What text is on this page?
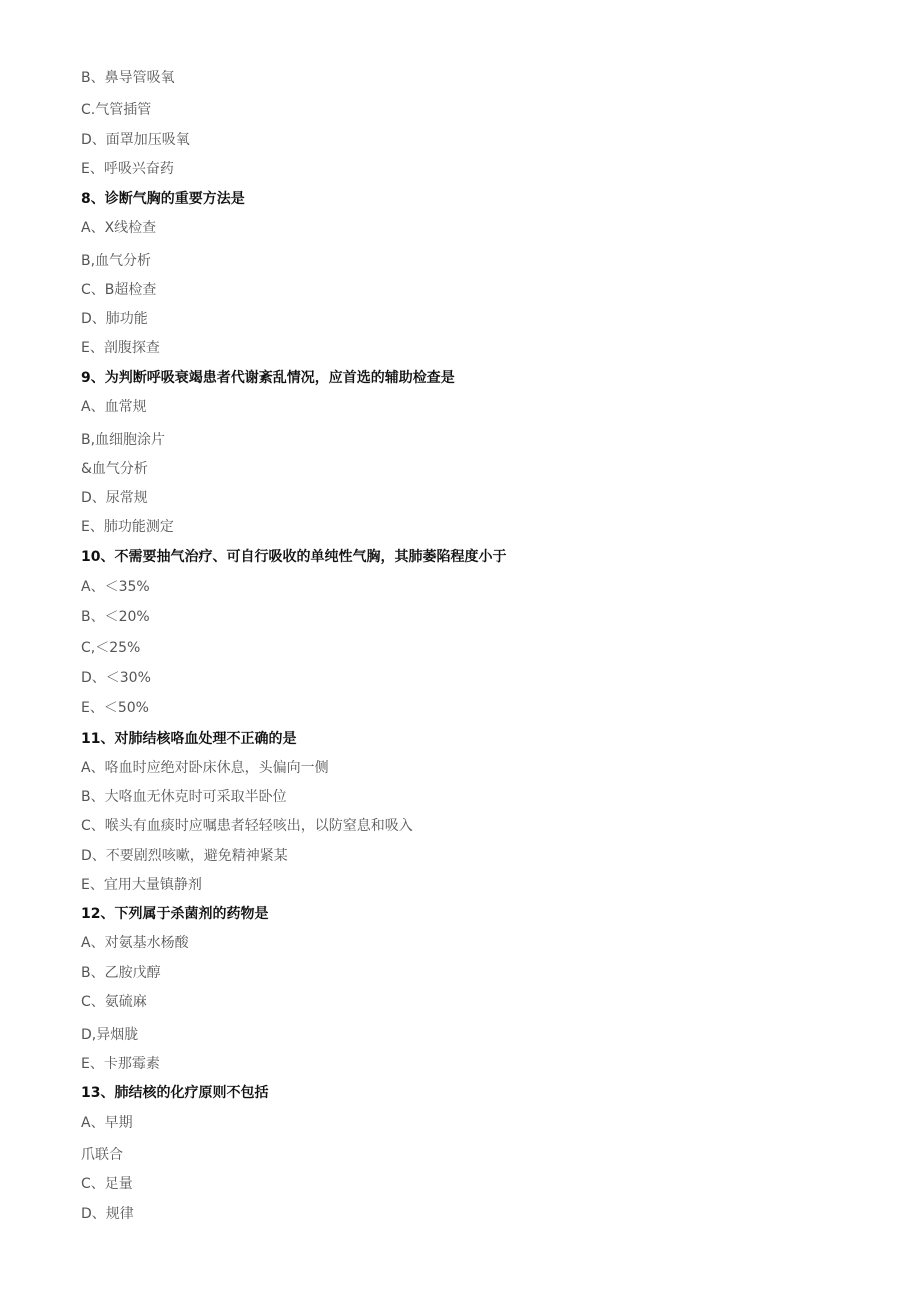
B、鼻导管吸氧
C.气管插管
D、面罩加压吸氧
E、呼吸兴奋药
8、诊断气胸的重要方法是
A、X线检查
B,血气分析
C、B超检查
D、肺功能
E、剖腹探查
9、为判断呼吸衰竭患者代谢紊乱情况，应首选的辅助检查是
A、血常规
B,血细胞涂片
&血气分析
D、尿常规
E、肺功能测定
10、不需要抽气治疗、可自行吸收的单纯性气胸，其肺萎陷程度小于
A、＜35%
B、＜20%
C,＜25%
D、＜30%
E、＜50%
11、对肺结核咯血处理不正确的是
A、咯血时应绝对卧床休息，头偏向一侧
B、大咯血无休克时可采取半卧位
C、喉头有血痰时应嘱患者轻轻咳出，以防窒息和吸入
D、不要剧烈咳嗽，避免精神紧某
E、宜用大量镇静剂
12、下列属于杀菌剂的药物是
A、对氨基水杨酸
B、乙胺戊醇
C、氨硫麻
D,异烟胧
E、卡那霉素
13、肺结核的化疗原则不包括
A、早期
爪联合
C、足量
D、规律
